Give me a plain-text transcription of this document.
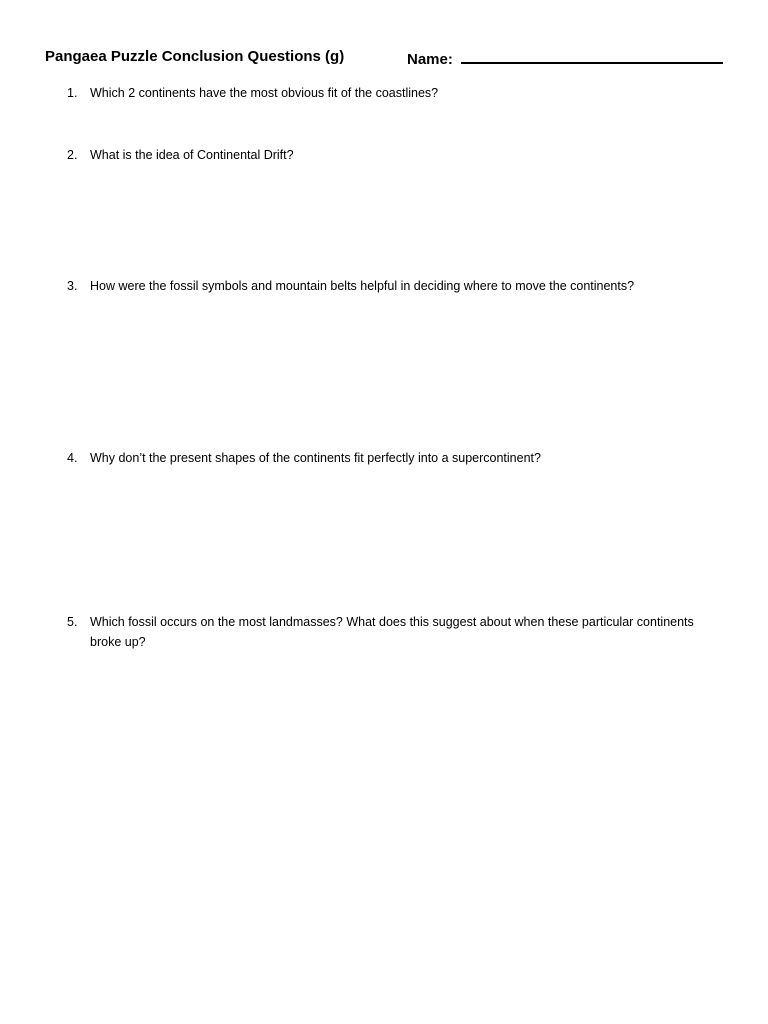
Pangaea Puzzle Conclusion Questions (g)	Name:
1.	Which 2 continents have the most obvious fit of the coastlines?
2.	What is the idea of Continental Drift?
3.	How were the fossil symbols and mountain belts helpful in deciding where to move the continents?
4.	Why don’t the present shapes of the continents fit perfectly into a supercontinent?
5.	Which fossil occurs on the most landmasses? What does this suggest about when these particular continents broke up?
